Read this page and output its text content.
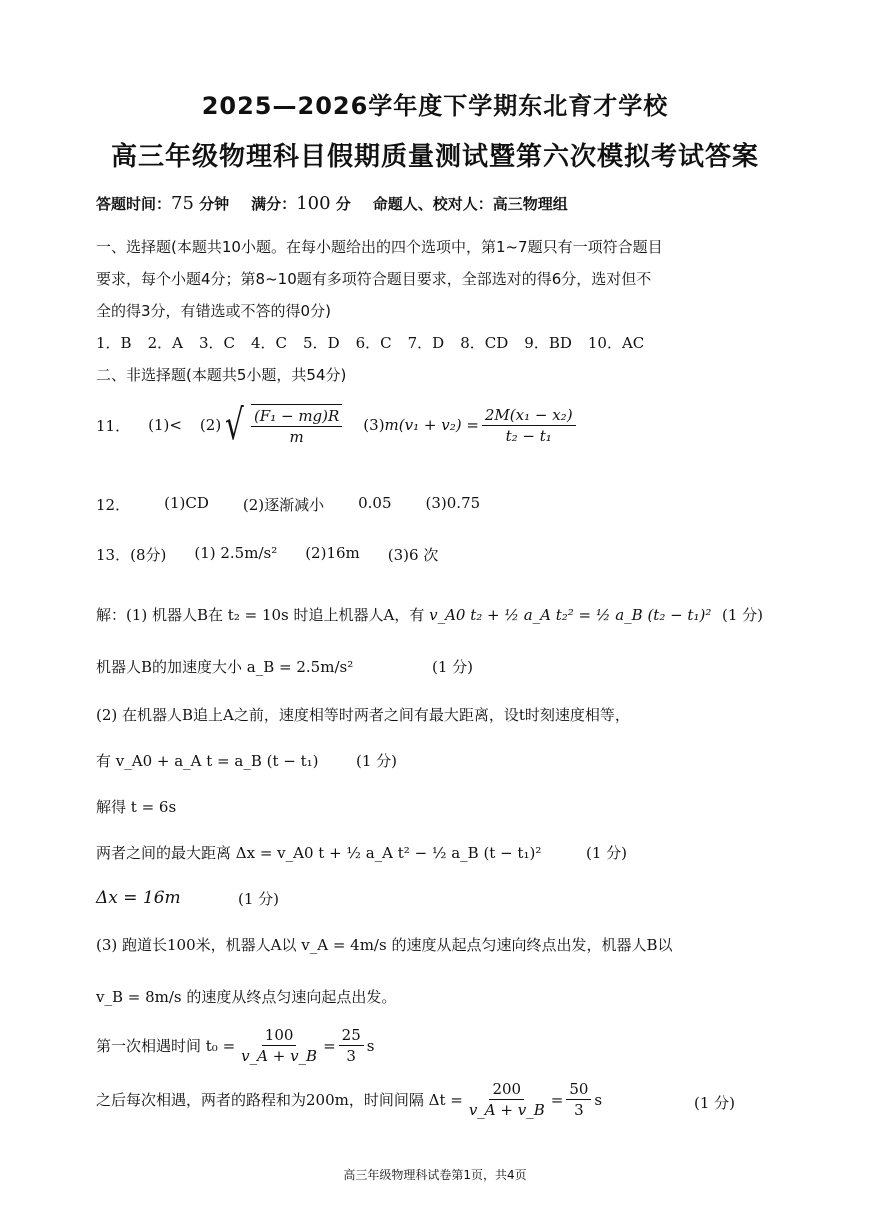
2025—2026学年度下学期东北育才学校
高三年级物理科目假期质量测试暨第六次模拟考试答案
答题时间：75 分钟 满分：100 分 命题人、校对人：高三物理组
一、选择题(本题共10小题。在每小题给出的四个选项中，第1~7题只有一项符合题目
要求，每个小题4分；第8~10题有多项符合题目要求，全部选对的得6分，选对但不
全的得3分，有错选或不答的得0分)
1．B 2．A 3．C 4．C 5．D 6．C 7．D 8．CD 9．BD 10．AC
二、非选择题(本题共5小题，共54分)
11． (1)< (2) √ $\frac{\text{(F₁ − mg)R}}{m} (3) m(v_1 + v_2) = \frac{\text{2M(x₁ − x₂)}}{\text{t₂ − t₁}}$
12． (1)CD (2)逐渐减小 0.05 (3)0.75
13．(8分) (1) 2.5m/s² (2)16m (3)6 次
解：(1) 机器人B在 t₂ = 10s 时追上机器人A，有 v_A0 t₂ + ½ a_A t₂² = ½ a_B (t₂ − t₁)² (1 分)
机器人B的加速度大小 a_B = 2.5m/s²	(1 分)
(2) 在机器人B追上A之前，速度相等时两者之间有最大距离，设t时刻速度相等，
有 v_A0 + a_A t = a_B (t − t₁) (1 分)
解得 t = 6s
两者之间的最大距离 Δx = v_A0 t + ½ a_A t² − ½ a_B (t − t₁)²	(1 分)
Δx = 16m	(1 分)
(3) 跑道长100米，机器人A以 v_A = 4m/s 的速度从起点匀速向终点出发，机器人B以
v_B = 8m/s 的速度从终点匀速向起点出发。
第一次相遇时间 $t_0 = \frac{100}{v\_A + v\_B} = \frac{25}{3}$ s
之后每次相遇，两者的路程和为200m，时间间隔 $\Delta t = \frac{200}{v\_A + v\_B} = \frac{50}{3}$ s	(1 分)
高三年级物理科试卷第1页，共4页
